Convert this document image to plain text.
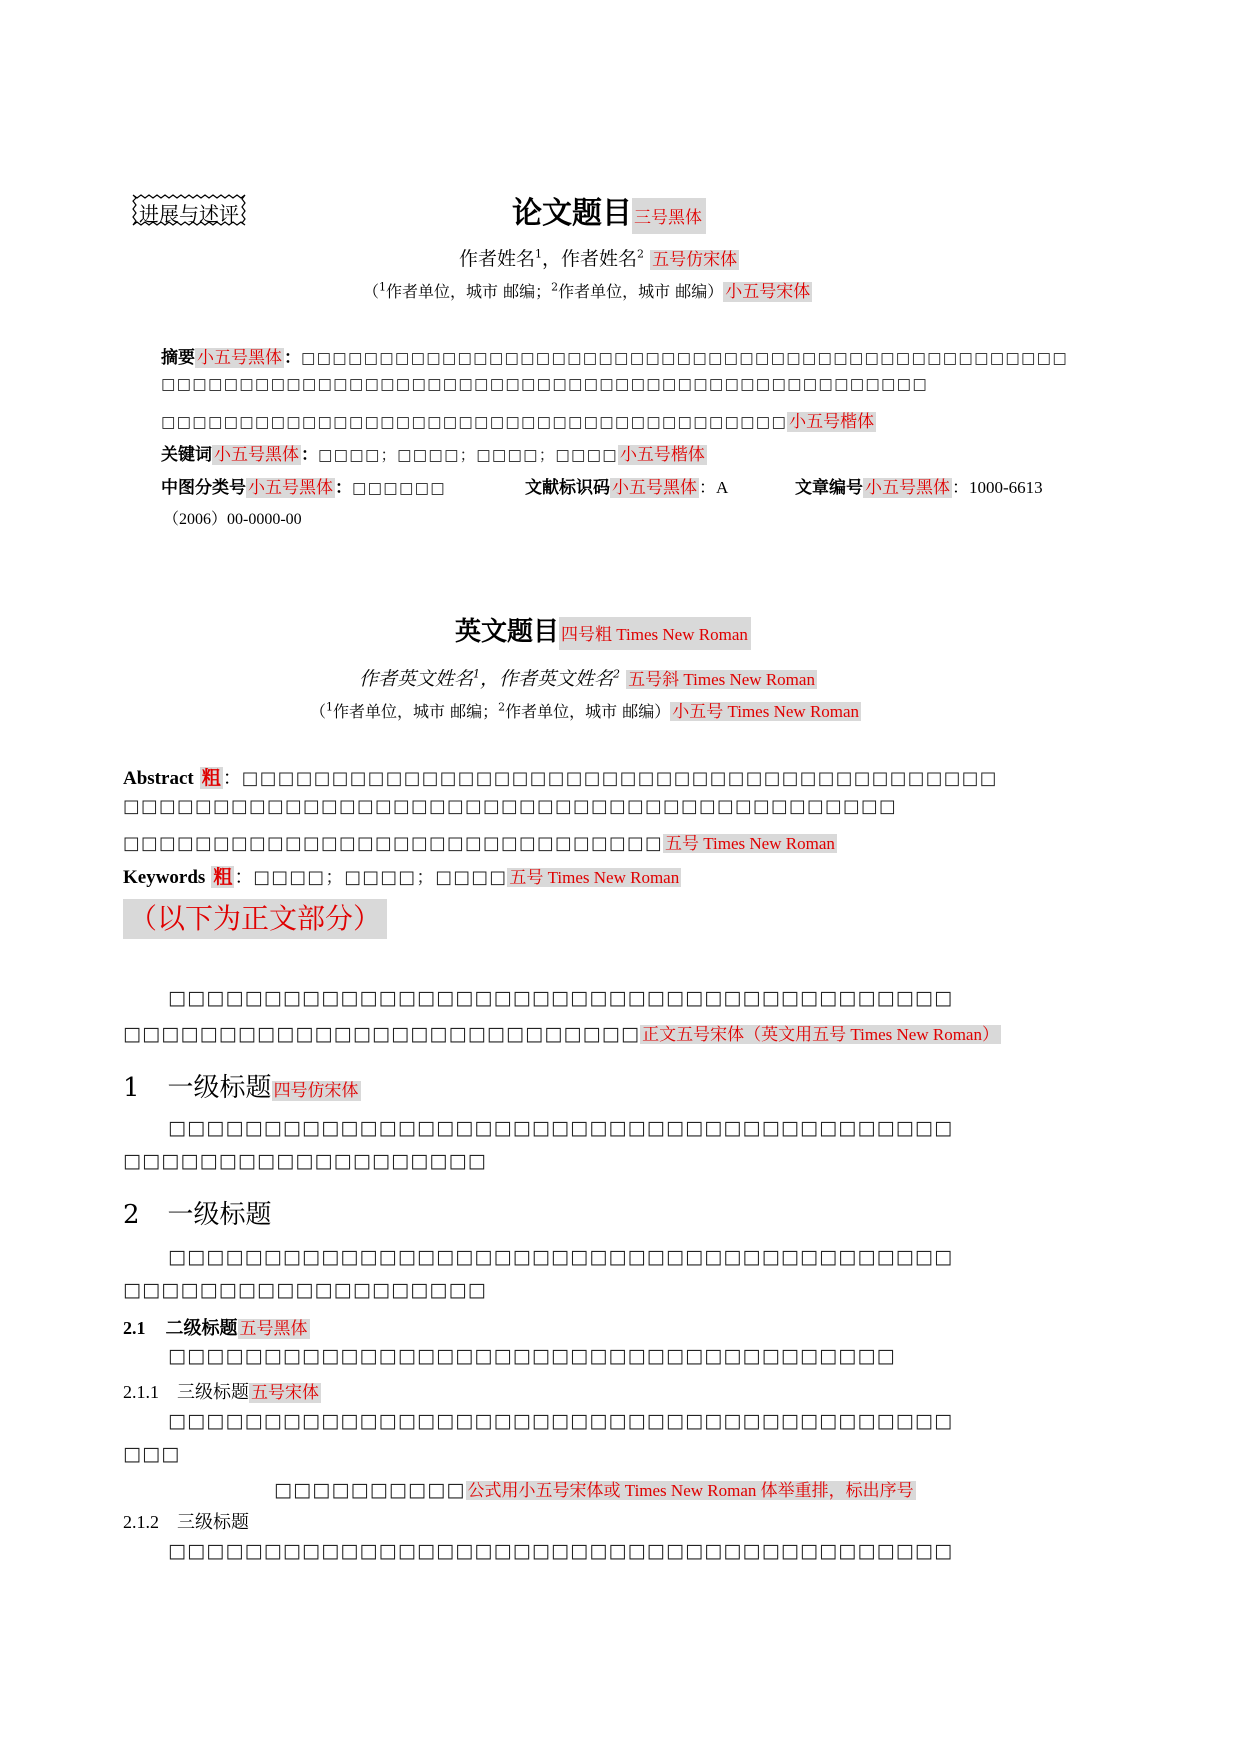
进展与述评	论文题目 三号黑体
作者姓名$^1$，作者姓名$^2$ 五号仿宋体
（$^1$作者单位，城市 邮编；$^2$作者单位，城市 邮编） 小五号宋体
摘要 小五号黑体 ：□□□□□□□□□□□□□□□□□□□□□□□□□□□□□□□□□□□□□□□□□□□□□□□□□
□□□□□□□□□□□□□□□□□□□□□□□□□□□□□□□□□□□□□□□□□□□□□□□□□
□□□□□□□□□□□□□□□□□□□□□□□□□□□□□□□□□□□□□□□□ 小五号楷体
关键词 小五号黑体 ：□□□□；□□□□；□□□□；□□□□ 小五号楷体
中图分类号 小五号黑体 ：□□□□□□	文献标识码 小五号黑体 ：A	文章编号 小五号黑体 ：1000-6613
（2006）00-0000-00
英文题目 四号粗 Times New Roman
作者英文姓名$^1$，作者英文姓名$^2$ 五号斜 Times New Roman
（$^1$作者单位，城市 邮编；$^2$作者单位，城市 邮编） 小五号 Times New Roman
Abstract 粗 ：□□□□□□□□□□□□□□□□□□□□□□□□□□□□□□□□□□□□□□□□□□
□□□□□□□□□□□□□□□□□□□□□□□□□□□□□□□□□□□□□□□□□□□
□□□□□□□□□□□□□□□□□□□□□□□□□□□□□□ 五号 Times New Roman
Keywords 粗 ：□□□□；□□□□；□□□□ 五号 Times New Roman
（以下为正文部分）
□□□□□□□□□□□□□□□□□□□□□□□□□□□□□□□□□□□□□□□□□
□□□□□□□□□□□□□□□□□□□□□□□□□□□ 正文五号宋体（英文用五号 Times New Roman）
1 一级标题 四号仿宋体
□□□□□□□□□□□□□□□□□□□□□□□□□□□□□□□□□□□□□□□□□
□□□□□□□□□□□□□□□□□□□
2 一级标题
□□□□□□□□□□□□□□□□□□□□□□□□□□□□□□□□□□□□□□□□□
□□□□□□□□□□□□□□□□□□□
2.1 二级标题 五号黑体
□□□□□□□□□□□□□□□□□□□□□□□□□□□□□□□□□□□□□□
2.1.1 三级标题 五号宋体
□□□□□□□□□□□□□□□□□□□□□□□□□□□□□□□□□□□□□□□□□
□□□
□□□□□□□□□□ 公式用小五号宋体或 Times New Roman 体举重排，标出序号
2.1.2 三级标题
□□□□□□□□□□□□□□□□□□□□□□□□□□□□□□□□□□□□□□□□□
